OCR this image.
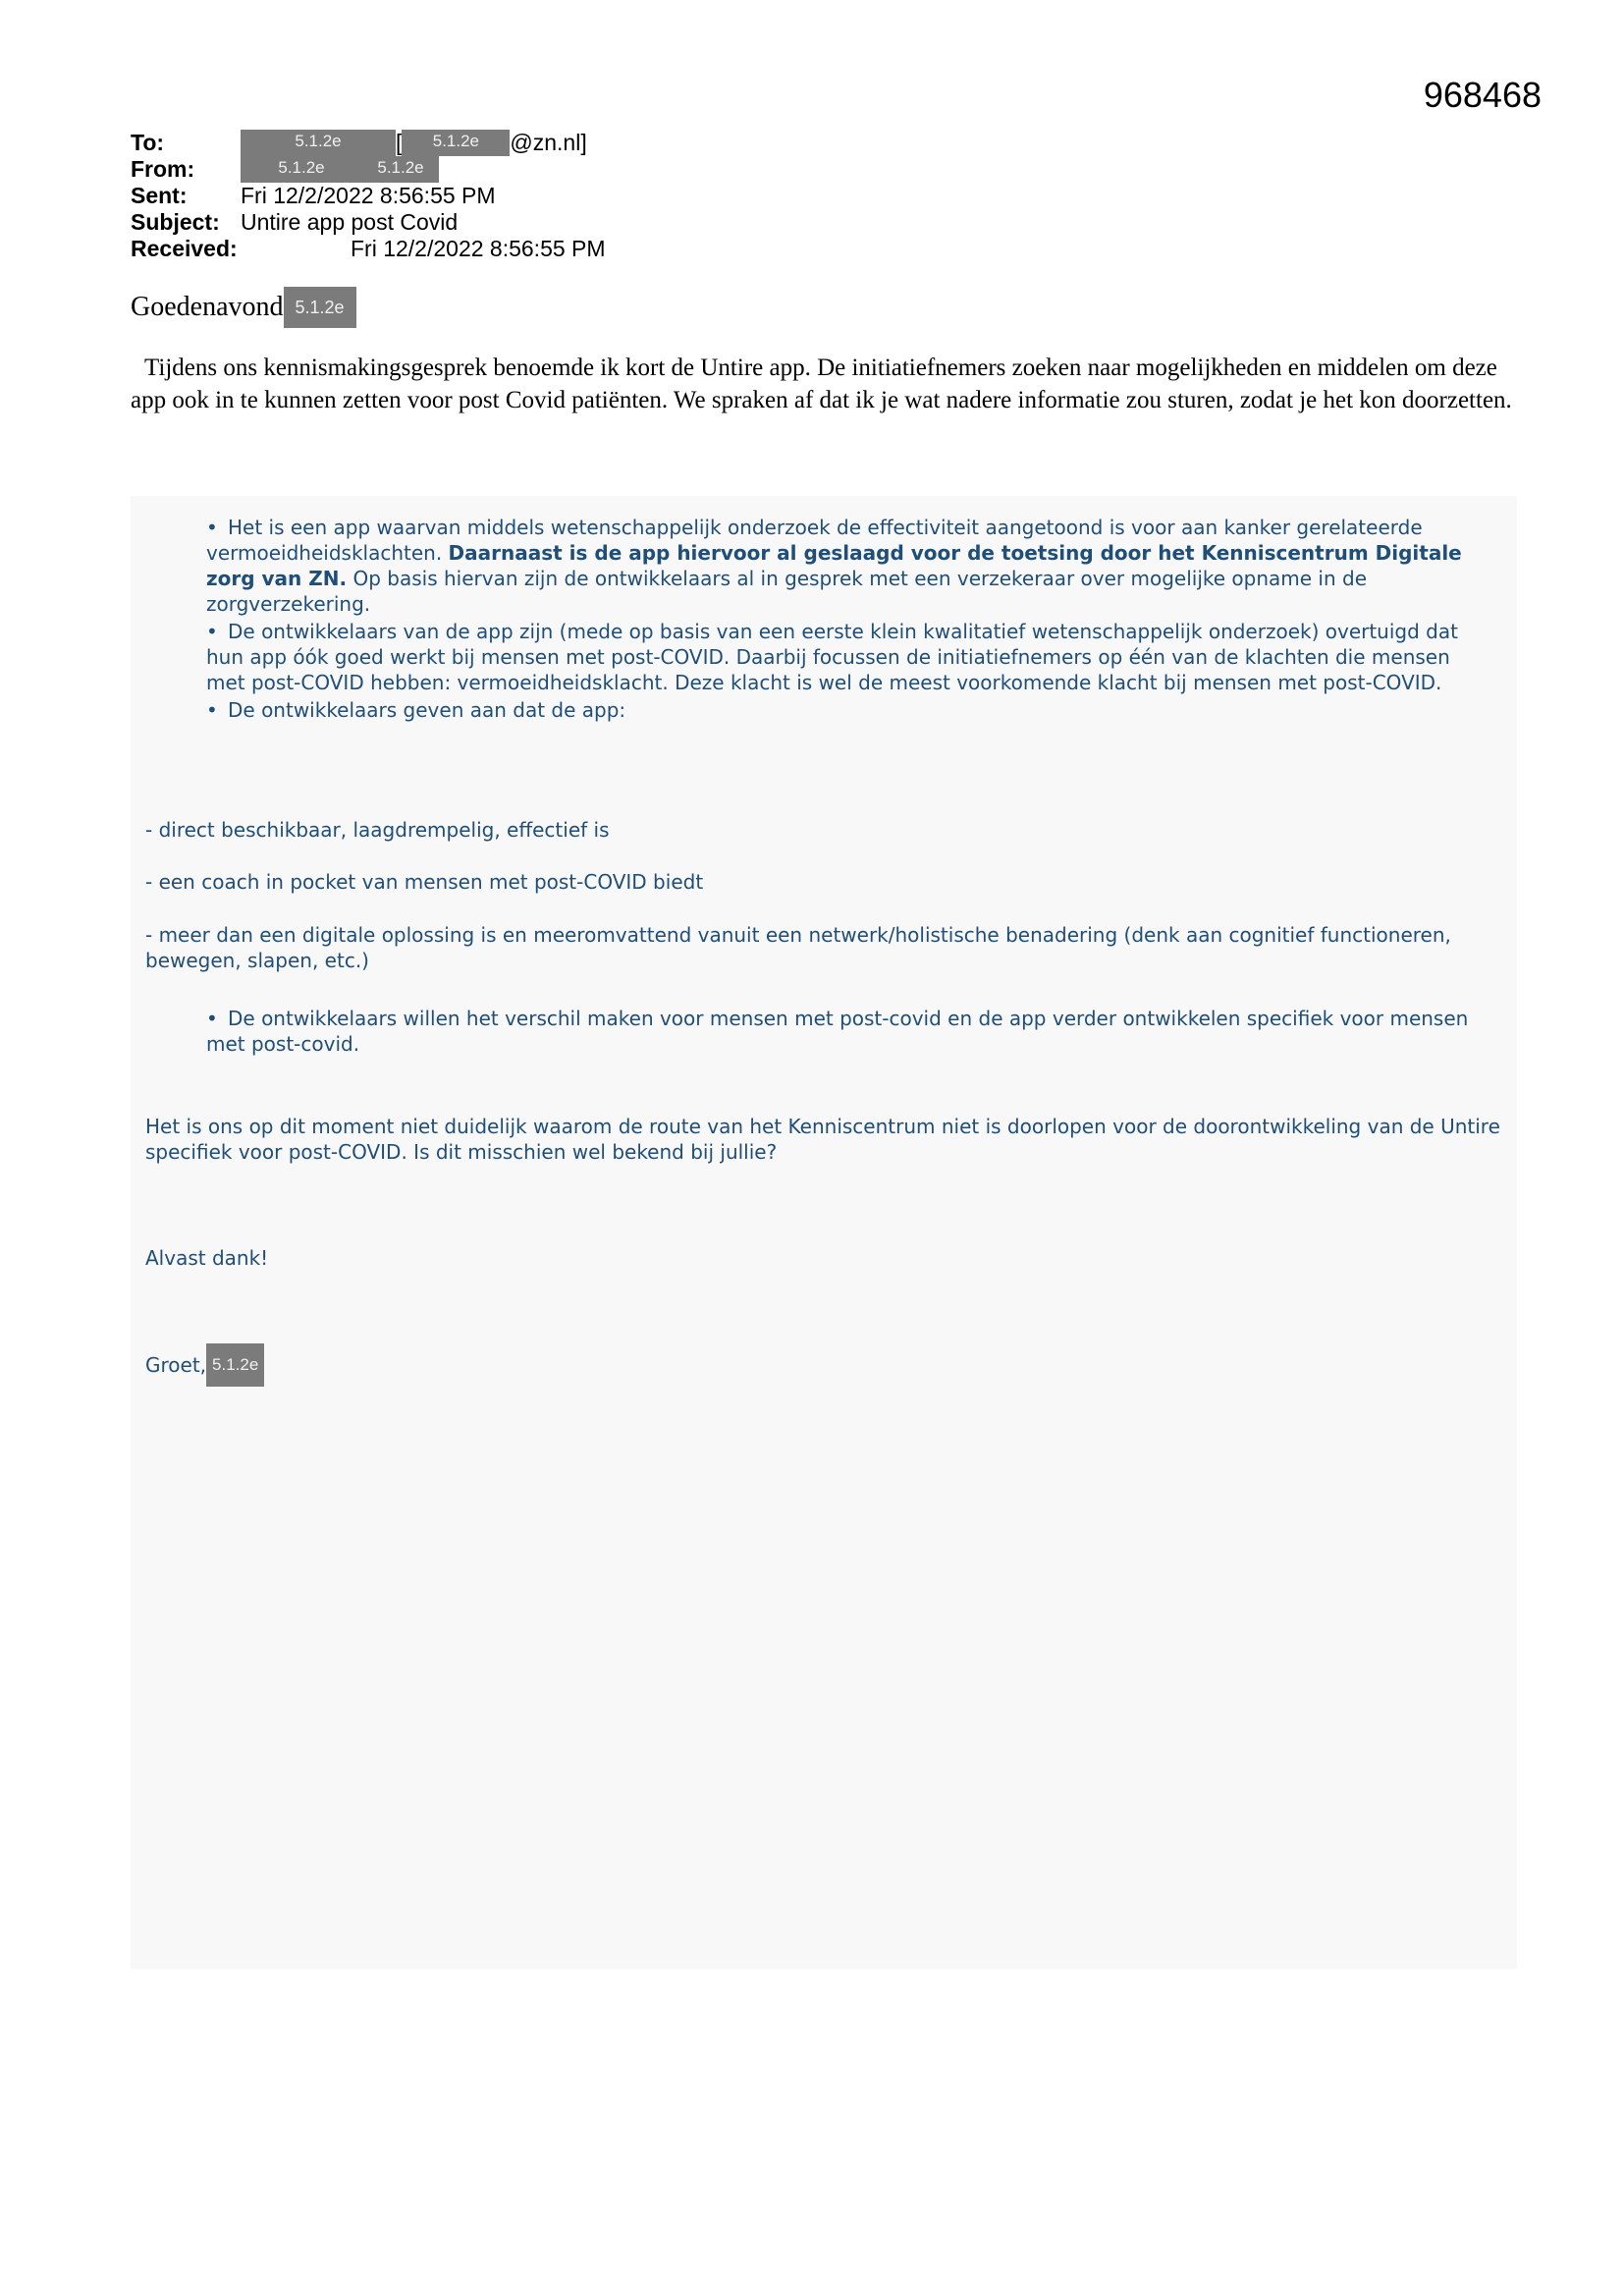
968468
To:	5.1.2e	[	5.1.2e	@zn.nl]
From:	5.1.2e	5.1.2e
Sent:	Fri 12/2/2022 8:56:55 PM
Subject: Untire app post Covid
Received:	Fri 12/2/2022 8:56:55 PM
Goedenavond 5.1.2e

Tijdens ons kennismakingsgesprek benoemde ik kort de Untire app. De initiatiefnemers zoeken naar mogelijkheden en middelen om deze app ook in te kunnen zetten voor post Covid patiënten. We spraken af dat ik je wat nadere informatie zou sturen, zodat je het kon doorzetten.

• Het is een app waarvan middels wetenschappelijk onderzoek de effectiviteit aangetoond is voor aan kanker gerelateerde vermoeidheidsklachten. Daarnaast is de app hiervoor al geslaagd voor de toetsing door het Kenniscentrum Digitale zorg van ZN. Op basis hiervan zijn de ontwikkelaars al in gesprek met een verzekeraar over mogelijke opname in de zorgverzekering.
• De ontwikkelaars van de app zijn (mede op basis van een eerste klein kwalitatief wetenschappelijk onderzoek) overtuigd dat hun app óók goed werkt bij mensen met post-COVID. Daarbij focussen de initiatiefnemers op één van de klachten die mensen met post-COVID hebben: vermoeidheidsklacht. Deze klacht is wel de meest voorkomende klacht bij mensen met post-COVID.
• De ontwikkelaars geven aan dat de app:

- direct beschikbaar, laagdrempelig, effectief is

- een coach in pocket van mensen met post-COVID biedt

- meer dan een digitale oplossing is en meeromvattend vanuit een netwerk/holistische benadering (denk aan cognitief functioneren, bewegen, slapen, etc.)

• De ontwikkelaars willen het verschil maken voor mensen met post-covid en de app verder ontwikkelen specifiek voor mensen met post-covid.

Het is ons op dit moment niet duidelijk waarom de route van het Kenniscentrum niet is doorlopen voor de doorontwikkeling van de Untire specifiek voor post-COVID. Is dit misschien wel bekend bij jullie?

Alvast dank!

Groet, 5.1.2e
